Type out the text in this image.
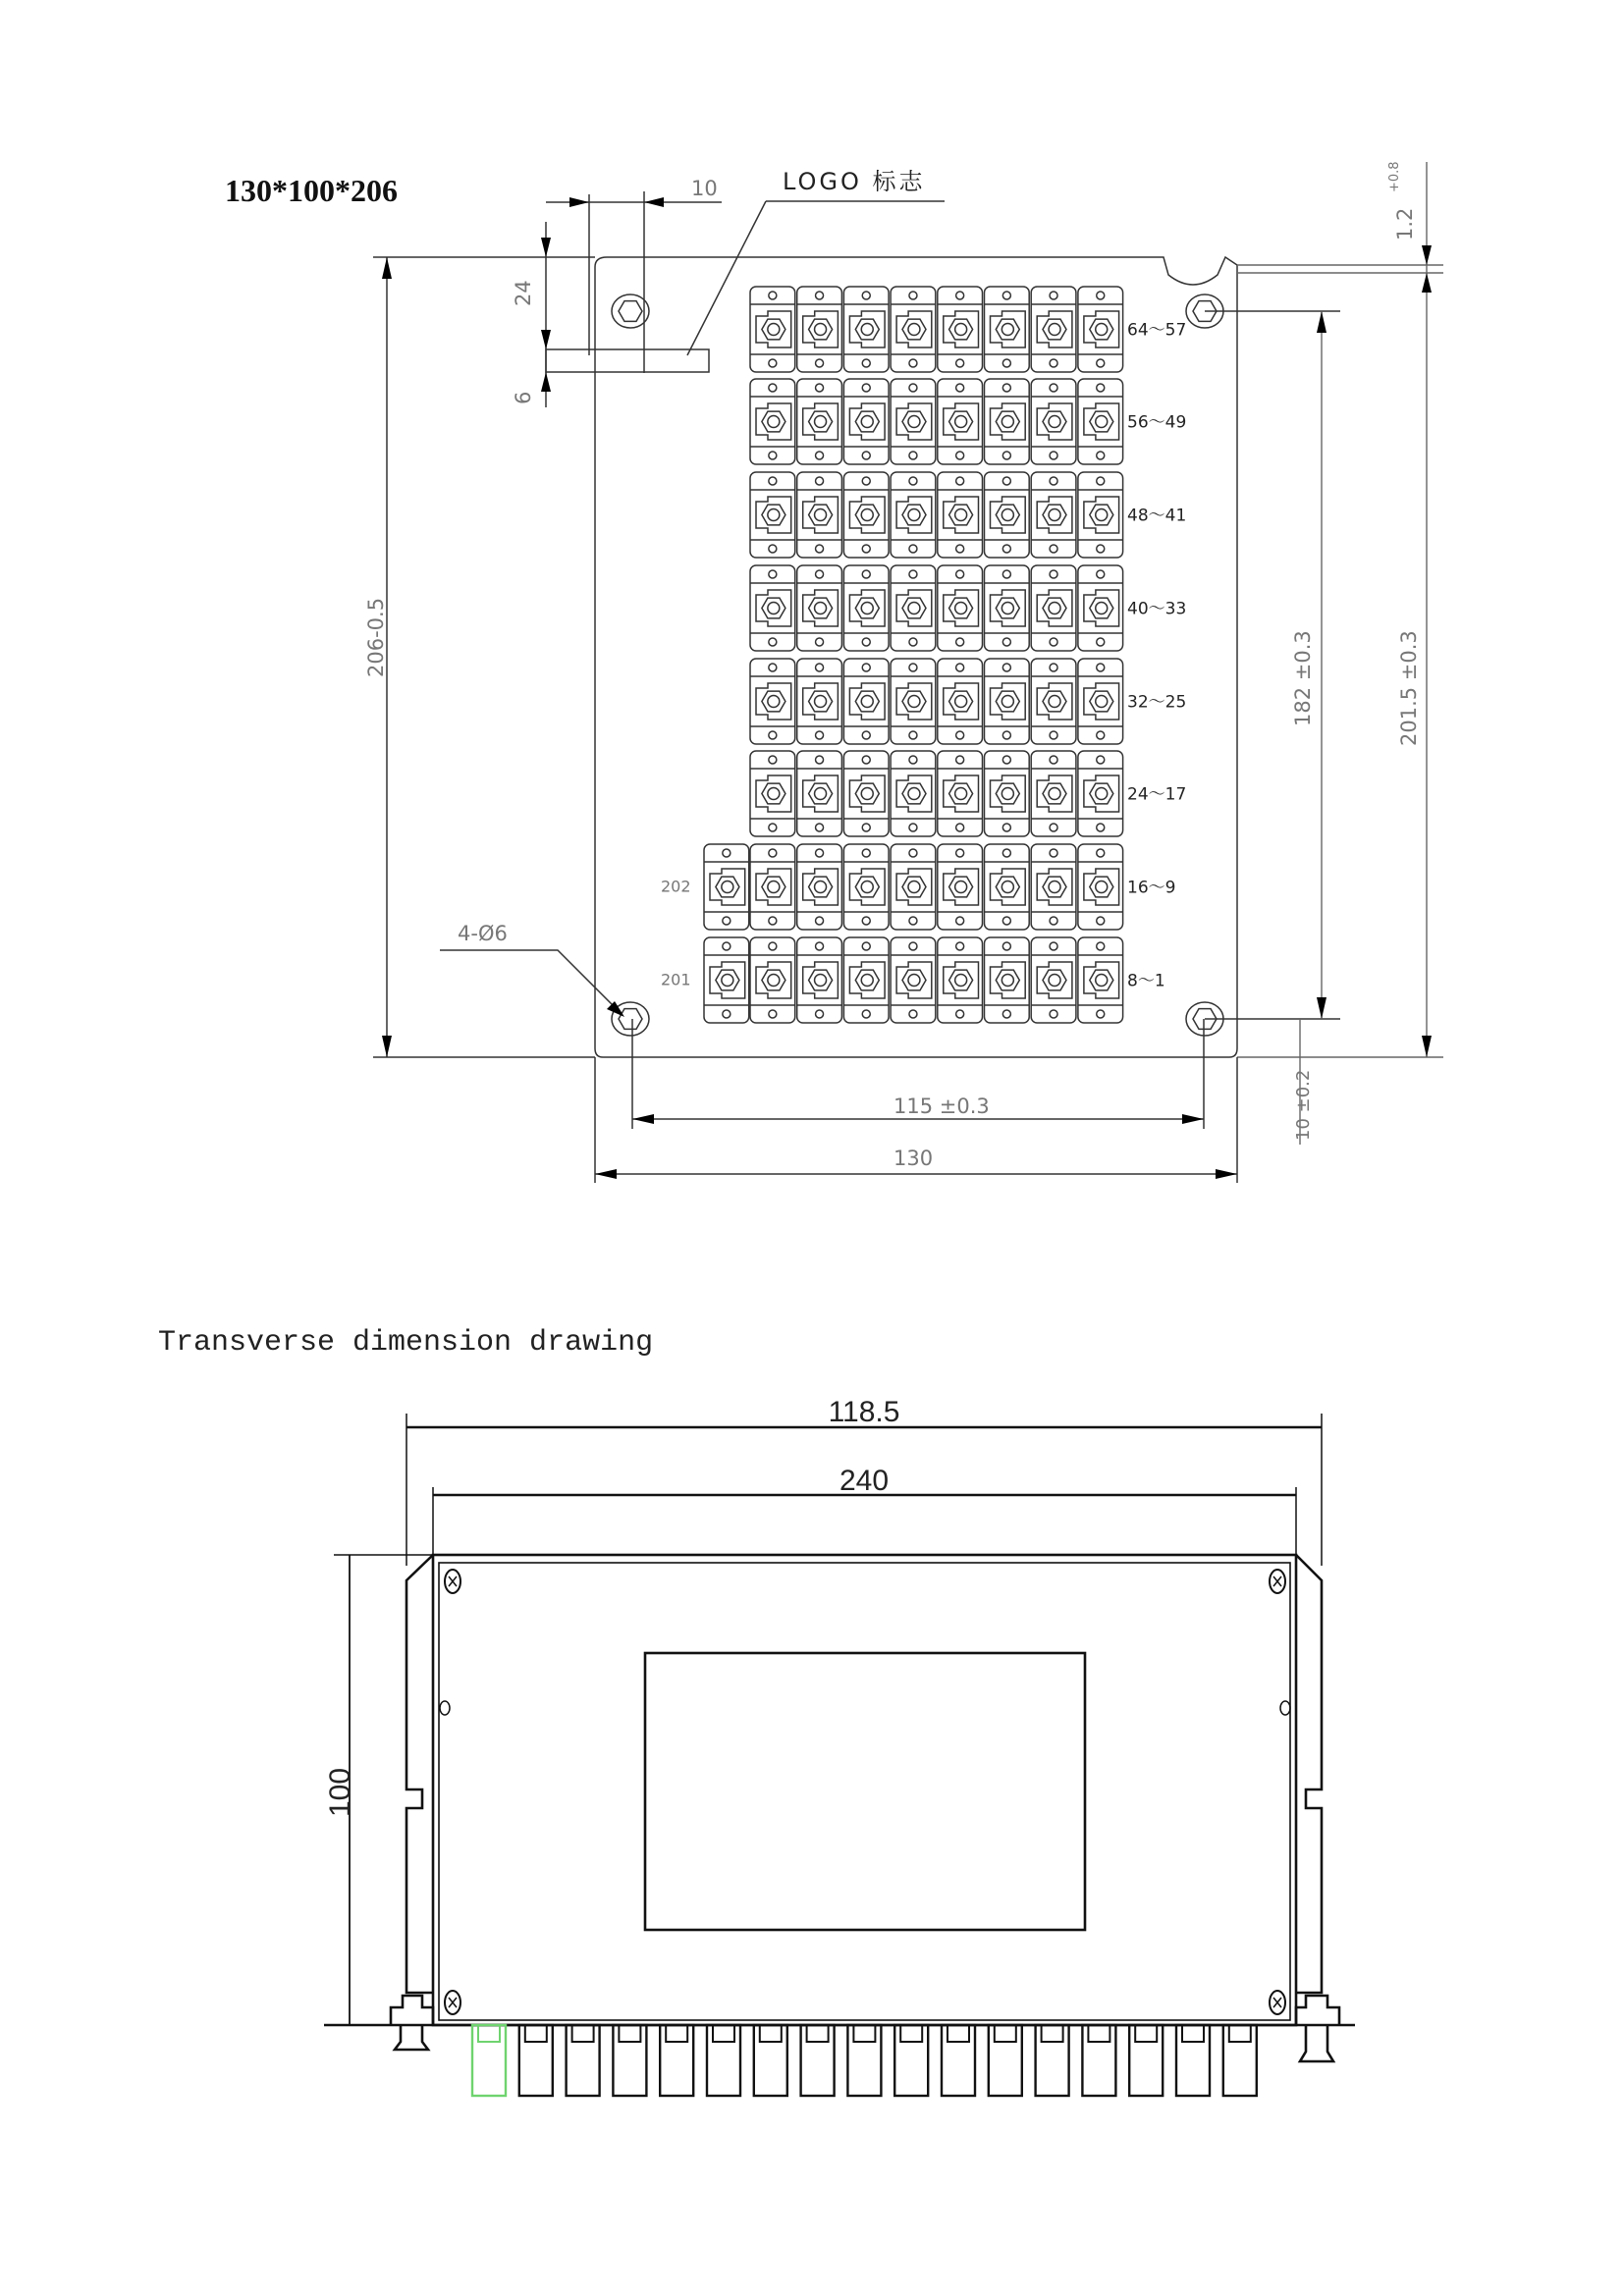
130*100*206	LOGO 标志
10
24
6
64～57
56～49
48～41
40～33
32～25
24～17
16～9
8～1
202
201
206-0.5	182 ±0.3	201.5 ±0.3
1.2
+0.8
10 ±0.2
115 ±0.3
130
4-Ø6
Transverse dimension drawing
118.5
240
100
